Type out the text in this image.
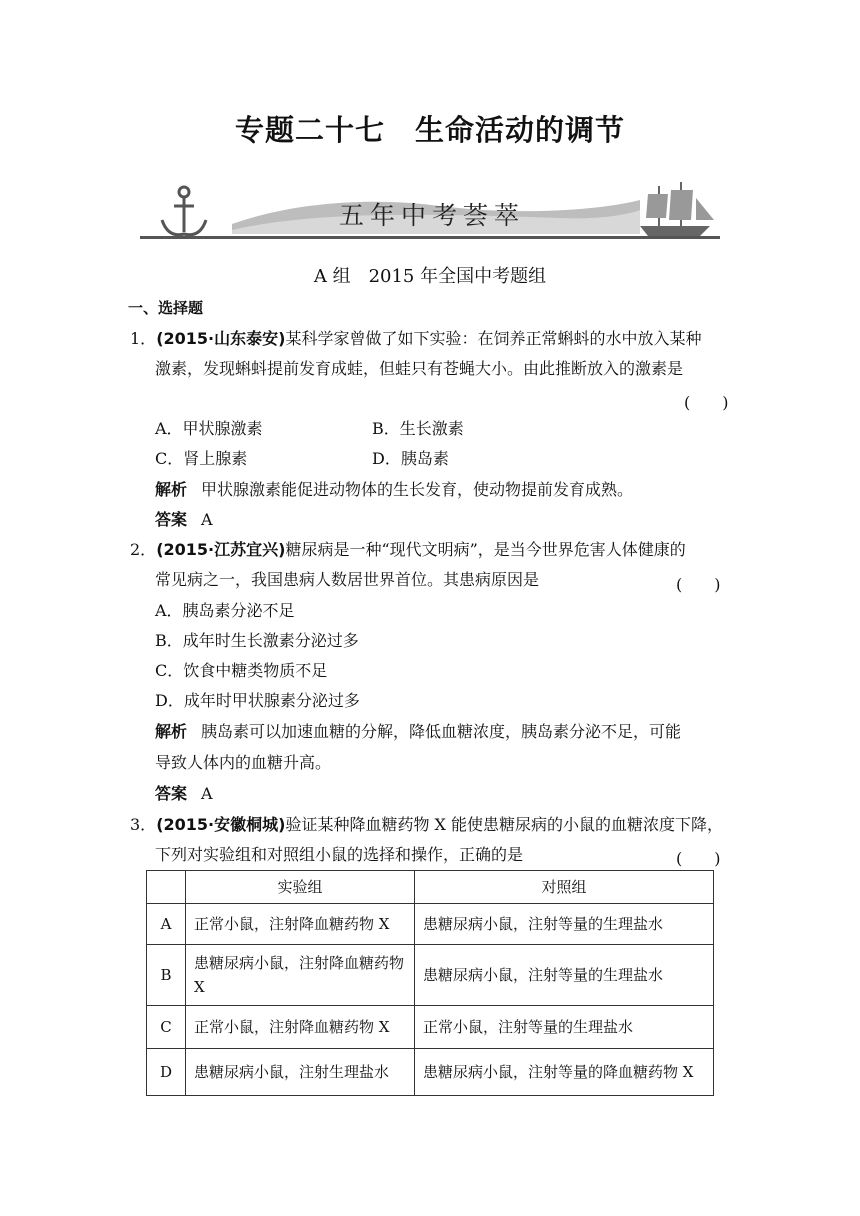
专题二十七　生命活动的调节
五年中考荟萃
A 组　2015 年全国中考题组
一、选择题
1．(2015·山东泰安)某科学家曾做了如下实验：在饲养正常蝌蚪的水中放入某种
激素，发现蝌蚪提前发育成蛙，但蛙只有苍蝇大小。由此推断放入的激素是
(　　)
A．甲状腺激素	B．生长激素
C．肾上腺素	D．胰岛素
解析 甲状腺激素能促进动物体的生长发育，使动物提前发育成熟。
答案 A
2．(2015·江苏宜兴)糖尿病是一种“现代文明病”，是当今世界危害人体健康的
常见病之一，我国患病人数居世界首位。其患病原因是	(　　)
A．胰岛素分泌不足
B．成年时生长激素分泌过多
C．饮食中糖类物质不足
D．成年时甲状腺素分泌过多
解析 胰岛素可以加速血糖的分解，降低血糖浓度，胰岛素分泌不足，可能
导致人体内的血糖升高。
答案 A
3．(2015·安徽桐城)验证某种降血糖药物 X 能使患糖尿病的小鼠的血糖浓度下降，
下列对实验组和对照组小鼠的选择和操作，正确的是	(　　)
	实验组	对照组
A	正常小鼠，注射降血糖药物 X	患糖尿病小鼠，注射等量的生理盐水
B	患糖尿病小鼠，注射降血糖药物 X	患糖尿病小鼠，注射等量的生理盐水
C	正常小鼠，注射降血糖药物 X	正常小鼠，注射等量的生理盐水
D	患糖尿病小鼠，注射生理盐水	患糖尿病小鼠，注射等量的降血糖药物 X
